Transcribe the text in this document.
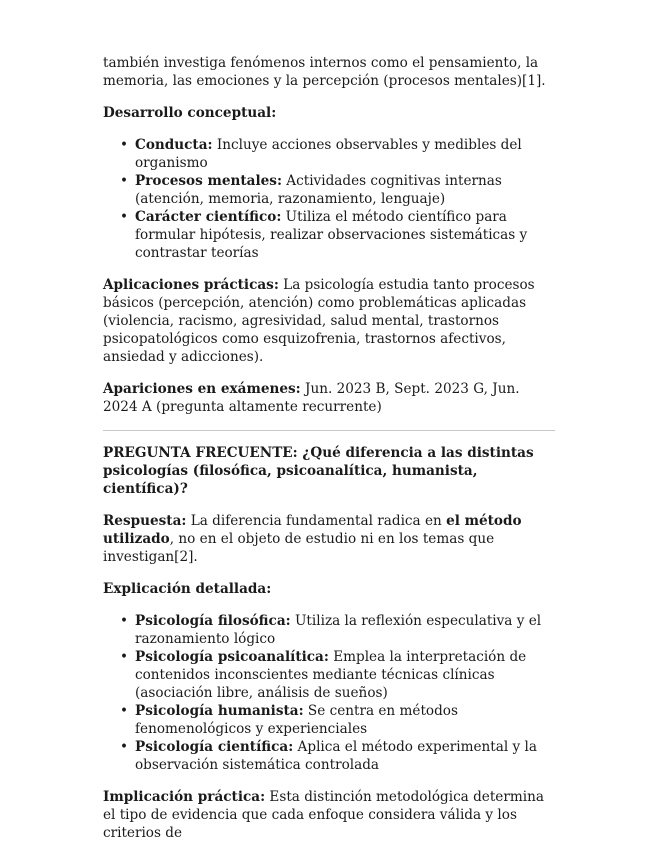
también investiga fenómenos internos como el pensamiento, la memoria, las emociones y la percepción (procesos mentales)[1].

Desarrollo conceptual:

• Conducta: Incluye acciones observables y medibles del organismo
• Procesos mentales: Actividades cognitivas internas (atención, memoria, razonamiento, lenguaje)
• Carácter científico: Utiliza el método científico para formular hipótesis, realizar observaciones sistemáticas y contrastar teorías

Aplicaciones prácticas: La psicología estudia tanto procesos básicos (percepción, atención) como problemáticas aplicadas (violencia, racismo, agresividad, salud mental, trastornos psicopatológicos como esquizofrenia, trastornos afectivos, ansiedad y adicciones).

Apariciones en exámenes: Jun. 2023 B, Sept. 2023 G, Jun. 2024 A (pregunta altamente recurrente)

PREGUNTA FRECUENTE: ¿Qué diferencia a las distintas psicologías (filosófica, psicoanalítica, humanista, científica)?

Respuesta: La diferencia fundamental radica en el método utilizado, no en el objeto de estudio ni en los temas que investigan[2].

Explicación detallada:

• Psicología filosófica: Utiliza la reflexión especulativa y el razonamiento lógico
• Psicología psicoanalítica: Emplea la interpretación de contenidos inconscientes mediante técnicas clínicas (asociación libre, análisis de sueños)
• Psicología humanista: Se centra en métodos fenomenológicos y experienciales
• Psicología científica: Aplica el método experimental y la observación sistemática controlada

Implicación práctica: Esta distinción metodológica determina el tipo de evidencia que cada enfoque considera válida y los criterios de
